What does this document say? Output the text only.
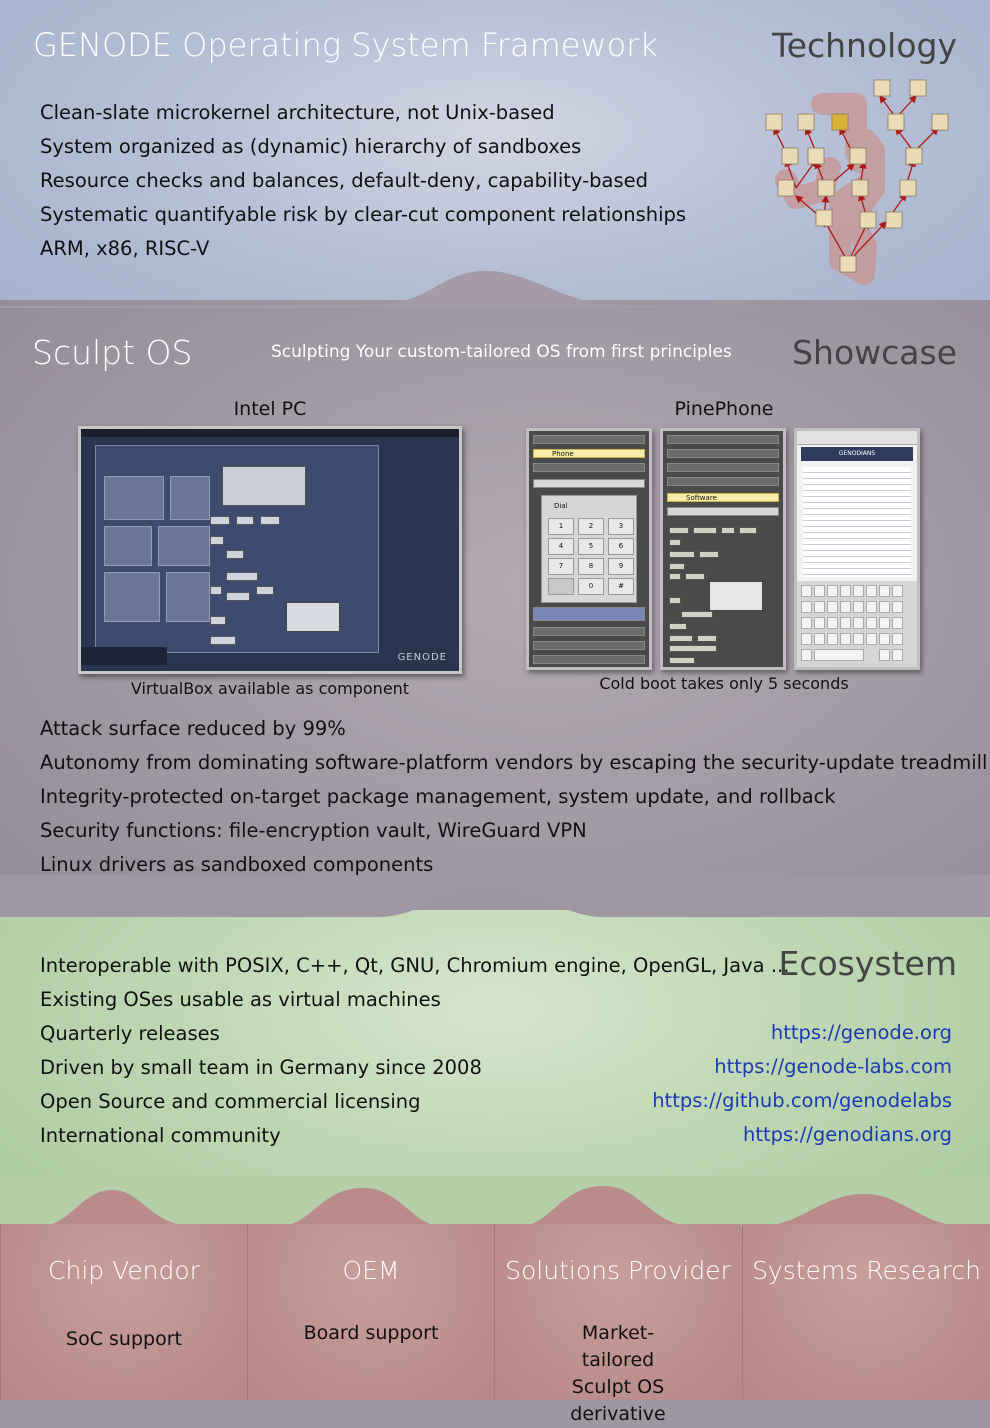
GENODE Operating System Framework	Technology
Clean-slate microkernel architecture, not Unix-based
System organized as (dynamic) hierarchy of sandboxes
Resource checks and balances, default-deny, capability-based
Systematic quantifyable risk by clear-cut component relationships
ARM, x86, RISC-V
Sculpt OS	Sculpting Your custom-tailored OS from first principles Showcase
Intel PC	PinePhone
GENODE
VirtualBox available as component
Phone
Dial
1	2	3
4	5	6
7	8	9
0	#
Software
GENODIANS
Cold boot takes only 5 seconds
Attack surface reduced by 99%
Autonomy from dominating software-platform vendors by escaping the security-update treadmill
Integrity-protected on-target package management, system update, and rollback
Security functions: file-encryption vault, WireGuard VPN
Linux drivers as sandboxed components
Ecosystem
Interoperable with POSIX, C++, Qt, GNU, Chromium engine, OpenGL, Java ...
Existing OSes usable as virtual machines
Quarterly releases
Driven by small team in Germany since 2008
Open Source and commercial licensing
International community
https://genode.org
https://genode-labs.com
https://github.com/genodelabs
https://genodians.org
Chip Vendor
SoC support
OEM
Board support
Solutions Provider
Market-tailored Sculpt OS derivative
Systems Research
